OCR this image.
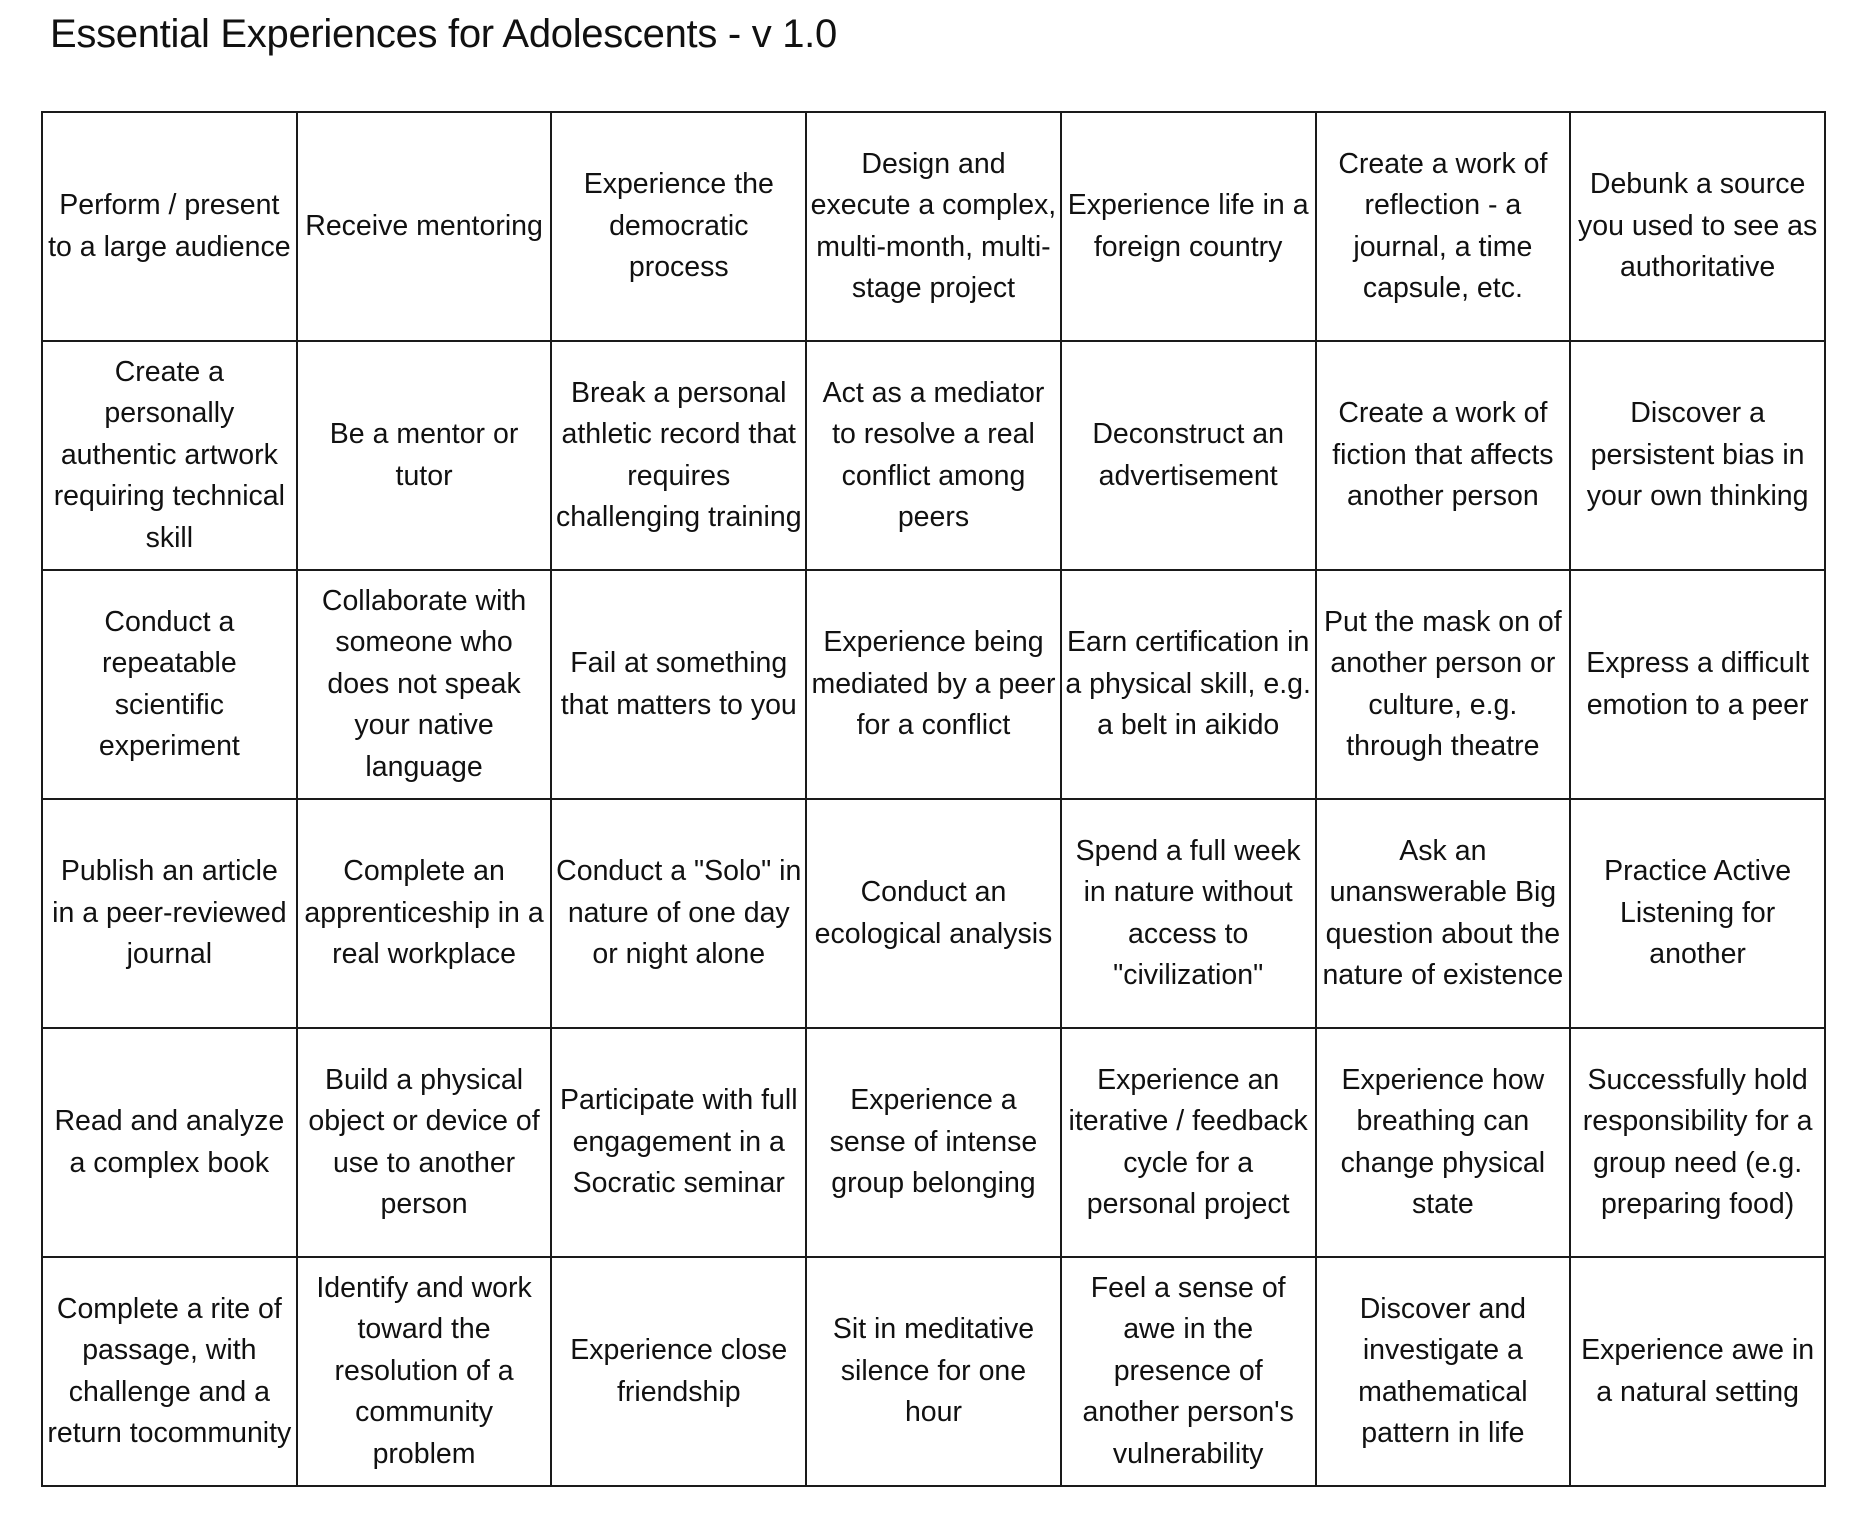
Essential Experiences for Adolescents - v 1.0
Perform / present to a large audience	Receive mentoring	Experience the democratic process	Design and execute a complex, multi-month, multi-stage project	Experience life in a foreign country	Create a work of reflection - a journal, a time capsule, etc.	Debunk a source you used to see as authoritative
Create a personally authentic artwork requiring technical skill	Be a mentor or tutor	Break a personal athletic record that requires challenging training	Act as a mediator to resolve a real conflict among peers	Deconstruct an advertisement	Create a work of fiction that affects another person	Discover a persistent bias in your own thinking
Conduct a repeatable scientific experiment	Collaborate with someone who does not speak your native language	Fail at something that matters to you	Experience being mediated by a peer for a conflict	Earn certification in a physical skill, e.g. a belt in aikido	Put the mask on of another person or culture, e.g. through theatre	Express a difficult emotion to a peer
Publish an article in a peer-reviewed journal	Complete an apprenticeship in a real workplace	Conduct a "Solo" in nature of one day or night alone	Conduct an ecological analysis	Spend a full week in nature without access to "civilization"	Ask an unanswerable Big question about the nature of existence	Practice Active Listening for another
Read and analyze a complex book	Build a physical object or device of use to another person	Participate with full engagement in a Socratic seminar	Experience a sense of intense group belonging	Experience an iterative / feedback cycle for a personal project	Experience how breathing can change physical state	Successfully hold responsibility for a group need (e.g. preparing food)
Complete a rite of passage, with challenge and a return tocommunity	Identify and work toward the resolution of a community problem	Experience close friendship	Sit in meditative silence for one hour	Feel a sense of awe in the presence of another person's vulnerability	Discover and investigate a mathematical pattern in life	Experience awe in a natural setting
